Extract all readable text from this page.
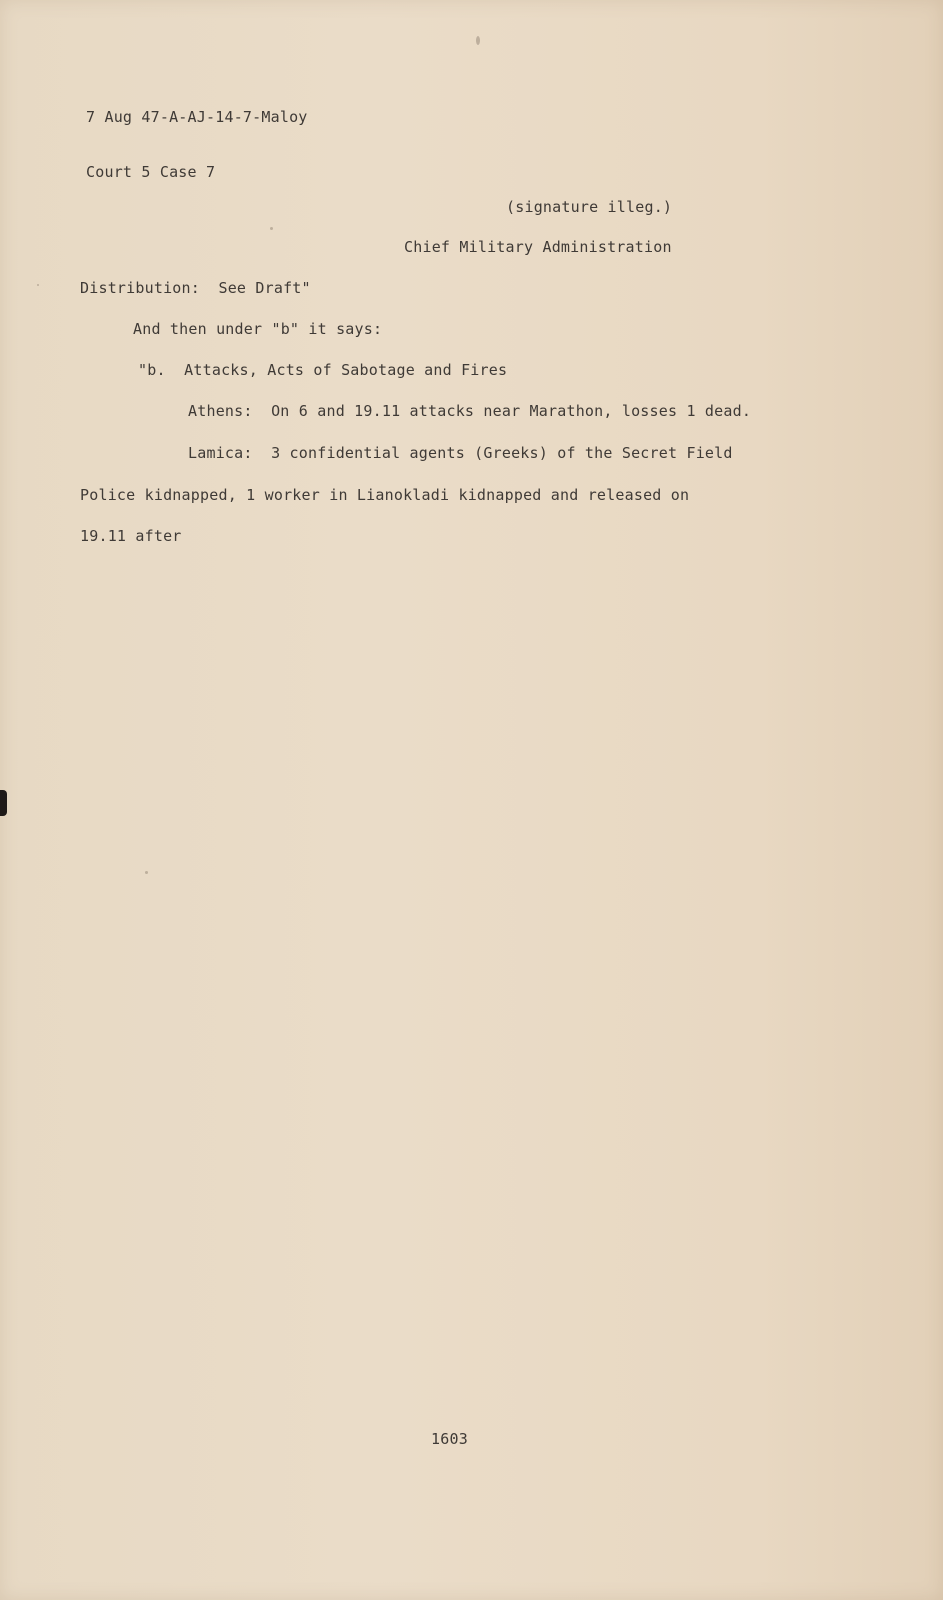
7 Aug 47-A-AJ-14-7-Maloy

Court 5 Case 7

(signature illeg.)
Chief Military Administration
Distribution:  See Draft"
And then under "b" it says:
"b.  Attacks, Acts of Sabotage and Fires
Athens:  On 6 and 19.11 attacks near Marathon, losses 1 dead.
Lamica:  3 confidential agents (Greeks) of the Secret Field
Police kidnapped, 1 worker in Lianokladi kidnapped and released on
19.11 after
1603
